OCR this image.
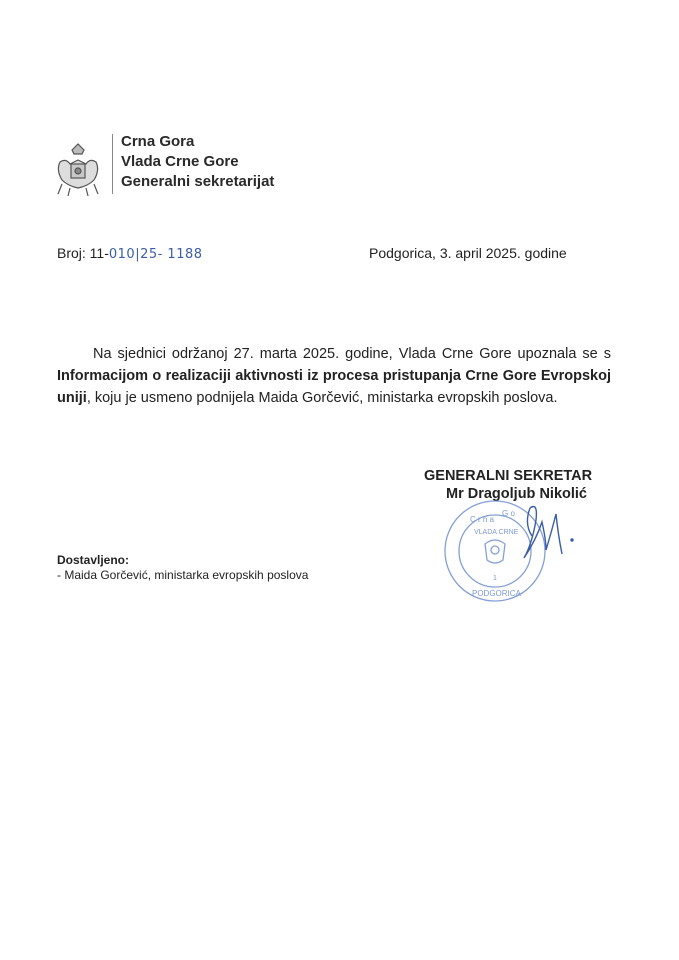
Crna Gora
Vlada Crne Gore
Generalni sekretarijat
Broj: 11-010|25- 1188	Podgorica, 3. april 2025. godine
Na sjednici održanoj 27. marta 2025. godine, Vlada Crne Gore upoznala se s Informacijom o realizaciji aktivnosti iz procesa pristupanja Crne Gore Evropskoj uniji, koju je usmeno podnijela Maida Gorčević, ministarka evropskih poslova.
GENERALNI SEKRETAR
Mr Dragoljub Nikolić
C r n a
G o
VLADA CRNE
1
PODGORICA
Dostavljeno:
- Maida Gorčević, ministarka evropskih poslova
